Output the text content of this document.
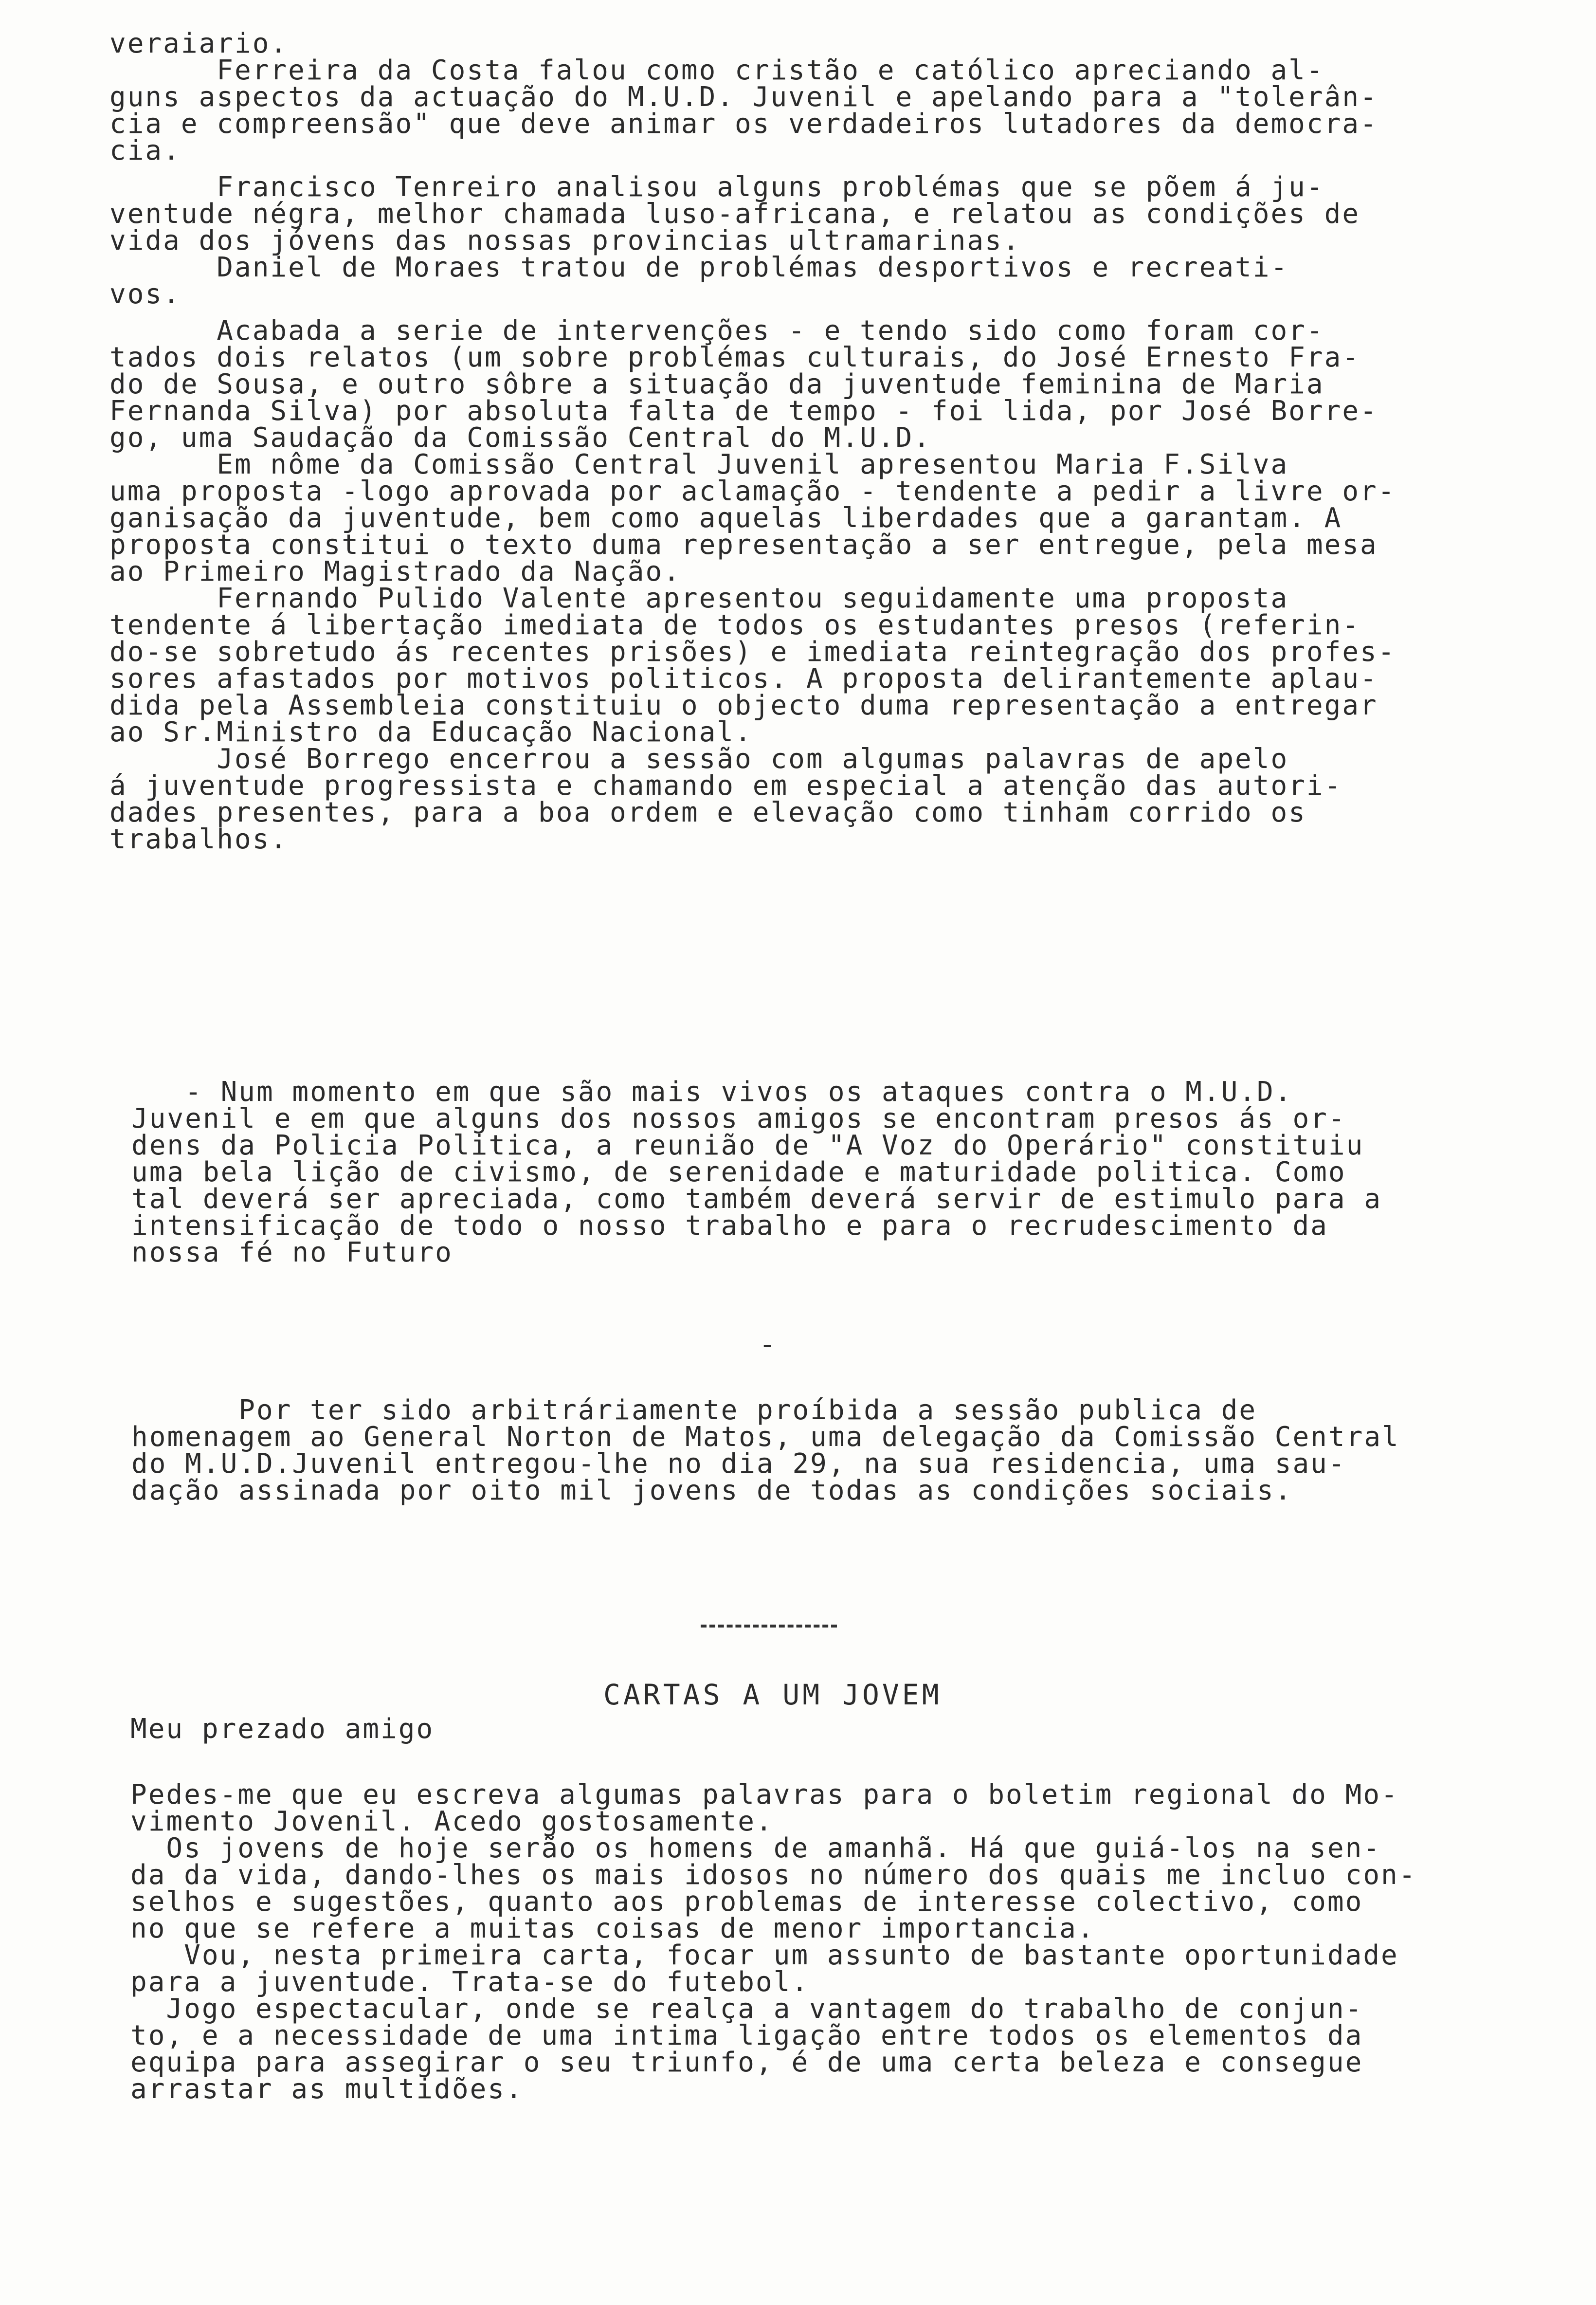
veraiario.
Ferreira da Costa falou como cristão e católico apreciando al-
guns aspectos da actuação do M.U.D. Juvenil e apelando para a "tolerân-
cia e compreensão" que deve animar os verdadeiros lutadores da democra-
cia.
Francisco Tenreiro analisou alguns problémas que se põem á ju-
ventude négra, melhor chamada luso-africana, e relatou as condições de
vida dos jóvens das nossas provincias ultramarinas.
Daniel de Moraes tratou de problémas desportivos e recreati-
vos.
Acabada a serie de intervenções - e tendo sido como foram cor-
tados dois relatos (um sobre problémas culturais, do José Ernesto Fra-
do de Sousa, e outro sôbre a situação da juventude feminina de Maria
Fernanda Silva) por absoluta falta de tempo - foi lida, por José Borre-
go, uma Saudação da Comissão Central do M.U.D.
Em nôme da Comissão Central Juvenil apresentou Maria F.Silva
uma proposta -logo aprovada por aclamação - tendente a pedir a livre or-
ganisação da juventude, bem como aquelas liberdades que a garantam. A
proposta constitui o texto duma representação a ser entregue, pela mesa
ao Primeiro Magistrado da Nação.
Fernando Pulido Valente apresentou seguidamente uma proposta
tendente á libertação imediata de todos os estudantes presos (referin-
do-se sobretudo ás recentes prisões) e imediata reintegração dos profes-
sores afastados por motivos politicos. A proposta delirantemente aplau-
dida pela Assembleia constituiu o objecto duma representação a entregar
ao Sr.Ministro da Educação Nacional.
José Borrego encerrou a sessão com algumas palavras de apelo
á juventude progressista e chamando em especial a atenção das autori-
dades presentes, para a boa ordem e elevação como tinham corrido os
trabalhos.
- Num momento em que são mais vivos os ataques contra o M.U.D.
Juvenil e em que alguns dos nossos amigos se encontram presos ás or-
dens da Policia Politica, a reunião de "A Voz do Operário" constituiu
uma bela lição de civismo, de serenidade e maturidade politica. Como
tal deverá ser apreciada, como também deverá servir de estimulo para a
intensificação de todo o nosso trabalho e para o recrudescimento da
nossa fé no Futuro
-
Por ter sido arbitráriamente proíbida a sessão publica de
homenagem ao General Norton de Matos, uma delegação da Comissão Central
do M.U.D.Juvenil entregou-lhe no dia 29, na sua residencia, uma sau-
dação assinada por oito mil jovens de todas as condições sociais.
CARTAS A UM JOVEM
Meu prezado amigo
Pedes-me que eu escreva algumas palavras para o boletim regional do Mo-
vimento Jovenil. Acedo gostosamente.
Os jovens de hoje serão os homens de amanhã. Há que guiá-los na sen-
da da vida, dando-lhes os mais idosos no número dos quais me incluo con-
selhos e sugestões, quanto aos problemas de interesse colectivo, como
no que se refere a muitas coisas de menor importancia.
Vou, nesta primeira carta, focar um assunto de bastante oportunidade
para a juventude. Trata-se do futebol.
Jogo espectacular, onde se realça a vantagem do trabalho de conjun-
to, e a necessidade de uma intima ligação entre todos os elementos da
equipa para assegirar o seu triunfo, é de uma certa beleza e consegue
arrastar as multidões.
